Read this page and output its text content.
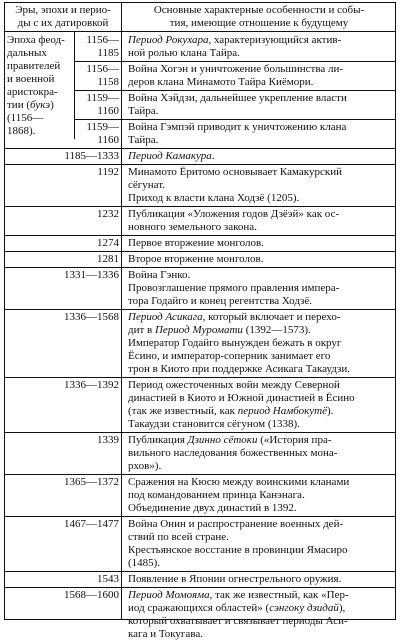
Эры, эпохи и перио-
ды с их датировкой
Основные характерные особенности и собы-
тия, имеющие отношение к будущему
Эпоха феод-
дальных
правителей
и военной
аристокра-
тии (букэ)
(1156—
1868).
1156—
1185
Период Рокухара, характеризующийся актив-
ной ролью клана Тайра.
1156—
1158
Война Хогэн и уничтожение большинства ли-
деров клана Минамото Тайра Киёмори.
1159—
1160
Война Хэйдзи, дальнейшее укрепление власти
Тайра.
1159—
1160
Война Гэмпэй приводит к уничтожению клана
Тайра.
1185—1333 Период Камакура.
1192 Минамото Ёритомо основывает Камакурский
сёгунат.
Приход к власти клана Ходзё (1205).
1232 Публикация «Уложения годов Дзёэй» как ос-
новного земельного закона.
1274 Первое вторжение монголов.
1281 Второе вторжение монголов.
1331—1336 Война Гэнко.
Провозглашение прямого правления импера-
тора Годайго и конец регентства Ходзё.
1336—1568 Период Асикага, который включает и перехо-
дит в Период Муромати (1392—1573).
Император Годайго вынужден бежать в округ
Ёсино, и император-соперник занимает его
трон в Киото при поддержке Асикага Такаудзи.
1336—1392 Период ожесточенных войн между Северной
династией в Киото и Южной династией в Ёсино
(так же известный, как период Намбокутё).
Такаудзи становится сёгуном (1338).
1339 Публикация Дзинно сётоки («История пра-
вильного наследования божественных мона-
рхов»).
1365—1372 Сражения на Кюсю между воинскими кланами
под командованием принца Канэнага.
Объединение двух династий в 1392.
1467—1477 Война Онин и распространение военных дей-
ствий по всей стране.
Крестьянское восстание в провинции Ямасиро
(1485).
1543 Появление в Японии огнестрельного оружия.
1568—1600 Период Момояма, так же известный, как «Пер-
иод сражающихся областей» (сэнгоку дзидай),
который охватывает и связывает периоды Аси-
кага и Токугава.
